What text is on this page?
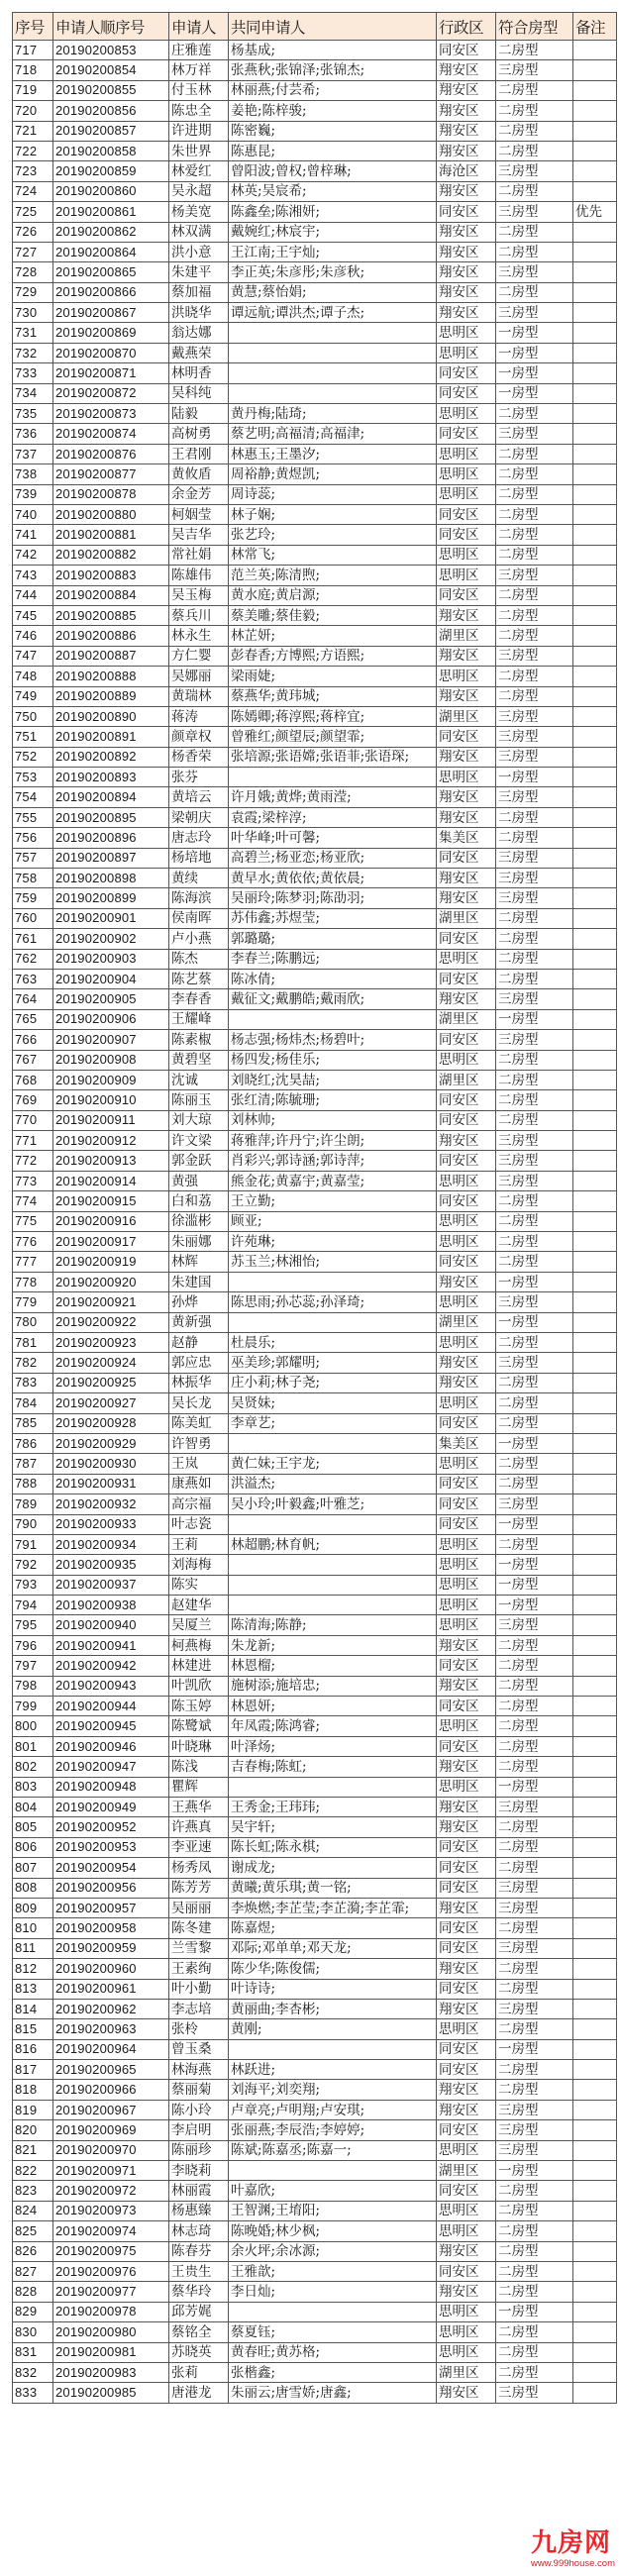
序号	申请人顺序号	申请人	共同申请人	行政区	符合房型	备注
717	20190200853	庄雅莲	杨基成;	同安区	二房型	
718	20190200854	林万祥	张燕秋;张锦泽;张锦杰;	翔安区	三房型	
719	20190200855	付玉林	林丽燕;付芸希;	翔安区	二房型	
720	20190200856	陈忠全	姜艳;陈梓骏;	翔安区	二房型	
721	20190200857	许进期	陈密巍;	翔安区	二房型	
722	20190200858	朱世界	陈惠昆;	翔安区	二房型	
723	20190200859	林爱红	曾阳波;曾权;曾梓琳;	海沧区	三房型	
724	20190200860	吴永超	林英;吴宸希;	翔安区	二房型	
725	20190200861	杨美宽	陈鑫垒;陈湘妍;	同安区	三房型	优先
726	20190200862	林双满	戴婉红;林宸宇;	翔安区	二房型	
727	20190200864	洪小意	王江南;王宇灿;	翔安区	二房型	
728	20190200865	朱建平	李正英;朱彦彤;朱彦秋;	翔安区	三房型	
729	20190200866	蔡加福	黄慧;蔡怡娟;	翔安区	二房型	
730	20190200867	洪晓华	谭远航;谭洪杰;谭子杰;	翔安区	三房型	
731	20190200869	翁达娜		思明区	一房型	
732	20190200870	戴燕荣		思明区	一房型	
733	20190200871	林明香		同安区	一房型	
734	20190200872	吴科纯		同安区	一房型	
735	20190200873	陆毅	黄丹梅;陆琦;	思明区	二房型	
736	20190200874	高树勇	蔡艺明;高福清;高福津;	同安区	三房型	
737	20190200876	王君刚	林惠玉;王墨汐;	思明区	二房型	
738	20190200877	黄攸盾	周裕静;黄煜凯;	思明区	二房型	
739	20190200878	余金芳	周诗蕊;	思明区	二房型	
740	20190200880	柯姻莹	林子娴;	同安区	二房型	
741	20190200881	吴吉华	张艺玲;	同安区	二房型	
742	20190200882	常社娟	林常飞;	思明区	二房型	
743	20190200883	陈雄伟	范兰英;陈清煦;	思明区	三房型	
744	20190200884	吴玉梅	黄水庭;黄启源;	同安区	二房型	
745	20190200885	蔡兵川	蔡美雕;蔡佳毅;	翔安区	二房型	
746	20190200886	林永生	林芷妍;	湖里区	二房型	
747	20190200887	方仁婴	彭春香;方博熙;方语熙;	翔安区	三房型	
748	20190200888	吴娜丽	梁雨婕;	思明区	二房型	
749	20190200889	黄瑞林	蔡燕华;黄玮城;	翔安区	二房型	
750	20190200890	蒋涛	陈嫣卿;蒋淳熙;蒋梓宜;	湖里区	三房型	
751	20190200891	颜章权	曾雅红;颜望辰;颜望霏;	同安区	三房型	
752	20190200892	杨香荣	张培源;张语嫦;张语菲;张语琛;	翔安区	三房型	
753	20190200893	张芬		思明区	一房型	
754	20190200894	黄培云	许月娥;黄烨;黄雨滢;	翔安区	三房型	
755	20190200895	梁朝庆	袁霞;梁梓淳;	翔安区	二房型	
756	20190200896	唐志玲	叶华峰;叶可馨;	集美区	二房型	
757	20190200897	杨培地	高碧兰;杨亚恋;杨亚欣;	同安区	三房型	
758	20190200898	黄续	黄早水;黄依依;黄依晨;	翔安区	三房型	
759	20190200899	陈海滨	吴丽玲;陈梦羽;陈劭羽;	翔安区	三房型	
760	20190200901	侯南晖	苏伟鑫;苏煜莹;	湖里区	二房型	
761	20190200902	卢小燕	郭璐璐;	同安区	二房型	
762	20190200903	陈杰	李春兰;陈鹏远;	思明区	二房型	
763	20190200904	陈艺蔡	陈冰倩;	同安区	二房型	
764	20190200905	李春香	戴征文;戴鹏皓;戴雨欣;	翔安区	三房型	
765	20190200906	王耀峰		湖里区	一房型	
766	20190200907	陈素椒	杨志强;杨炜杰;杨碧叶;	同安区	三房型	
767	20190200908	黄碧坚	杨四发;杨佳乐;	思明区	二房型	
768	20190200909	沈诚	刘晓红;沈昊喆;	湖里区	二房型	
769	20190200910	陈丽玉	张红清;陈毓珊;	同安区	二房型	
770	20190200911	刘大琼	刘林帅;	同安区	二房型	
771	20190200912	许文梁	蒋雅萍;许丹宁;许尘朗;	翔安区	三房型	
772	20190200913	郭金跃	肖彩兴;郭诗涵;郭诗萍;	同安区	三房型	
773	20190200914	黄强	熊金花;黄嘉宇;黄嘉莹;	思明区	三房型	
774	20190200915	白和荔	王立勤;	同安区	二房型	
775	20190200916	徐滥彬	顾亚;	思明区	二房型	
776	20190200917	朱丽娜	许苑琳;	思明区	二房型	
777	20190200919	林辉	苏玉兰;林湘怡;	同安区	二房型	
778	20190200920	朱建国		翔安区	一房型	
779	20190200921	孙烨	陈思雨;孙芯蕊;孙泽琦;	思明区	三房型	
780	20190200922	黄新强		湖里区	一房型	
781	20190200923	赵静	杜晨乐;	思明区	二房型	
782	20190200924	郭应忠	巫美珍;郭耀明;	翔安区	三房型	
783	20190200925	林振华	庄小莉;林子尧;	翔安区	二房型	
784	20190200927	吴长龙	吴贤妹;	思明区	二房型	
785	20190200928	陈美虹	李章艺;	同安区	二房型	
786	20190200929	许智勇		集美区	一房型	
787	20190200930	王岚	黄仁妹;王宇龙;	思明区	二房型	
788	20190200931	康燕如	洪溢杰;	同安区	二房型	
789	20190200932	高宗福	吴小玲;叶毅鑫;叶雅芝;	同安区	三房型	
790	20190200933	叶志瓷		同安区	一房型	
791	20190200934	王莉	林超鹏;林育帆;	思明区	二房型	
792	20190200935	刘海梅		思明区	一房型	
793	20190200937	陈实		思明区	一房型	
794	20190200938	赵建华		思明区	一房型	
795	20190200940	吴厦兰	陈清海;陈静;	思明区	三房型	
796	20190200941	柯燕梅	朱龙新;	翔安区	二房型	
797	20190200942	林建进	林恩榴;	同安区	二房型	
798	20190200943	叶凯欣	施树添;施培忠;	翔安区	二房型	
799	20190200944	陈玉婷	林恩妍;	同安区	二房型	
800	20190200945	陈鹭斌	年凤霞;陈鸿睿;	思明区	二房型	
801	20190200946	叶晓琳	叶泽炀;	同安区	二房型	
802	20190200947	陈浅	吉春梅;陈虹;	翔安区	二房型	
803	20190200948	瞿辉		思明区	一房型	
804	20190200949	王燕华	王秀金;王玮玮;	翔安区	三房型	
805	20190200952	许燕真	吴宇轩;	翔安区	二房型	
806	20190200953	李亚速	陈长虹;陈永棋;	同安区	二房型	
807	20190200954	杨秀凤	谢成龙;	同安区	二房型	
808	20190200956	陈芳芳	黄曦;黄乐琪;黄一铭;	同安区	三房型	
809	20190200957	吴丽丽	李焕燃;李芷莹;李芷漪;李芷霏;	翔安区	三房型	
810	20190200958	陈冬建	陈嘉煜;	同安区	二房型	
811	20190200959	兰雪黎	邓际;邓单单;邓天龙;	同安区	三房型	
812	20190200960	王素绚	陈少华;陈俊儒;	翔安区	二房型	
813	20190200961	叶小勤	叶诗诗;	同安区	二房型	
814	20190200962	李志培	黄丽曲;李杏彬;	翔安区	三房型	
815	20190200963	张柃	黄刚;	思明区	二房型	
816	20190200964	曾玉桑		同安区	一房型	
817	20190200965	林海燕	林跃进;	同安区	二房型	
818	20190200966	蔡丽菊	刘海平;刘奕翔;	翔安区	二房型	
819	20190200967	陈小玲	卢章亮;卢明翔;卢安琪;	翔安区	三房型	
820	20190200969	李启明	张丽燕;李辰浩;李婷婷;	同安区	三房型	
821	20190200970	陈丽珍	陈斌;陈嘉丞;陈嘉一;	思明区	三房型	
822	20190200971	李晓莉		湖里区	一房型	
823	20190200972	林丽霞	叶嘉欣;	同安区	二房型	
824	20190200973	杨惠臻	王智渊;王堉阳;	思明区	二房型	
825	20190200974	林志琦	陈晚婚;林少枫;	思明区	二房型	
826	20190200975	陈春芬	余火坪;余冰源;	翔安区	二房型	
827	20190200976	王贵生	王雅歆;	同安区	二房型	
828	20190200977	蔡华玲	李日灿;	翔安区	二房型	
829	20190200978	邱芳娓		思明区	一房型	
830	20190200980	蔡铭全	蔡夏钰;	思明区	二房型	
831	20190200981	苏晓英	黄春旺;黄苏格;	思明区	二房型	
832	20190200983	张莉	张楷鑫;	湖里区	二房型	
833	20190200985	唐港龙	朱丽云;唐雪娇;唐鑫;	翔安区	三房型	
九房网
www.999house.com
